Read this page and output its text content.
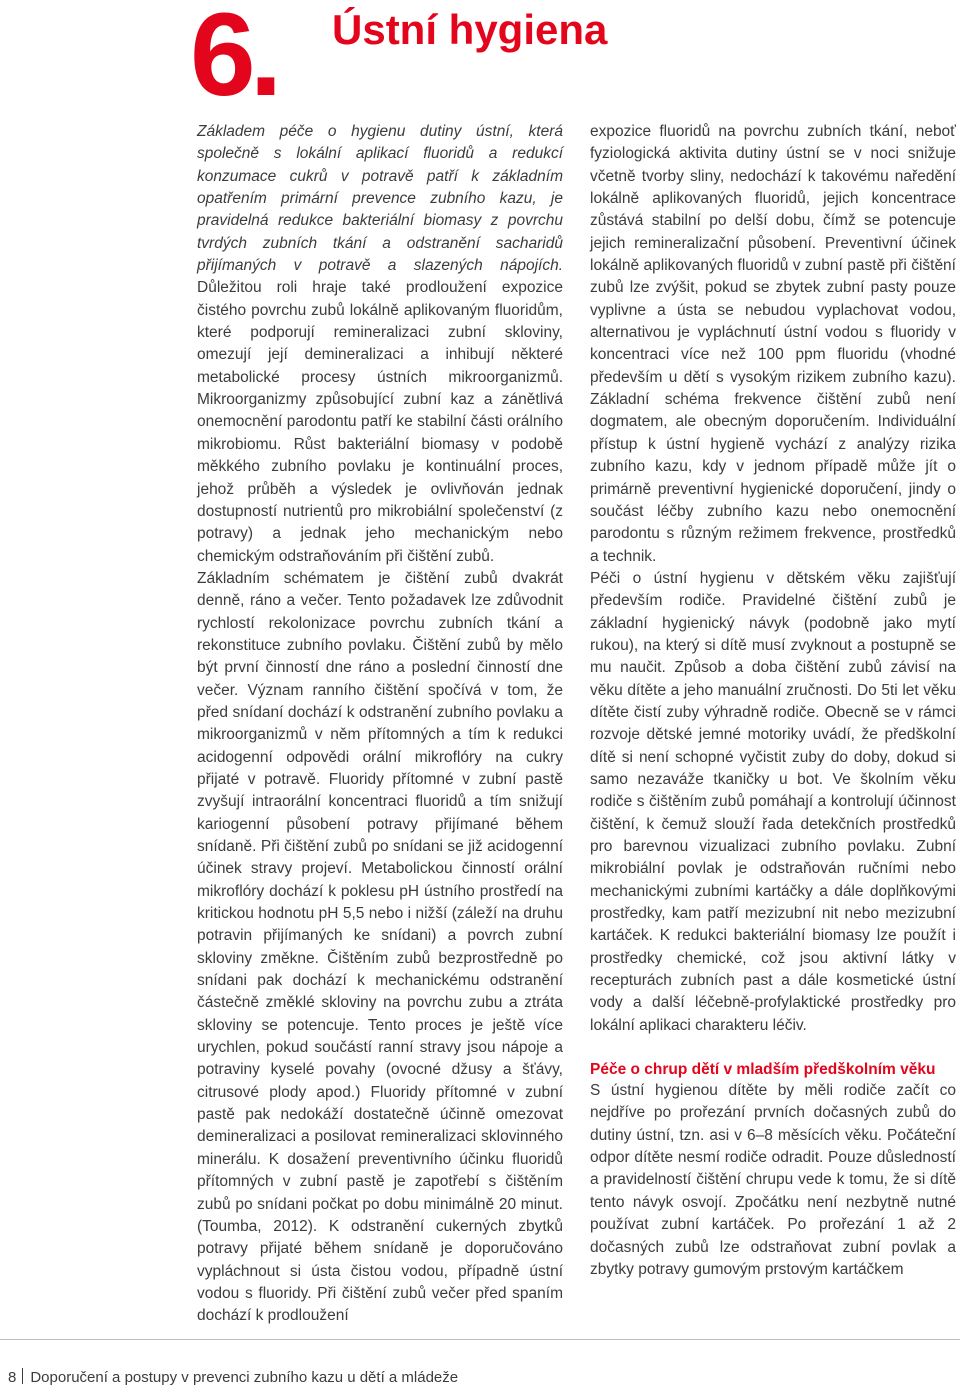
6. Ústní hygiena

Základem péče o hygienu dutiny ústní, která společně s lokální aplikací fluoridů a redukcí konzumace cukrů v potravě patří k základním opatřením primární prevence zubního kazu, je pravidelná redukce bakteriální biomasy z povrchu tvrdých zubních tkání a odstranění sacharidů přijímaných v potravě a slazených nápojích. Důležitou roli hraje také prodloužení expozice čistého povrchu zubů lokálně aplikovaným fluoridům, které podporují remineralizaci zubní skloviny, omezují její demineralizaci a inhibují některé metabolické procesy ústních mikroorganizmů. Mikroorganizmy způsobující zubní kaz a zánětlivá onemocnění parodontu patří ke stabilní části orálního mikrobiomu. Růst bakteriální biomasy v podobě měkkého zubního povlaku je kontinuální proces, jehož průběh a výsledek je ovlivňován jednak dostupností nutrientů pro mikrobiální společenství (z potravy) a jednak jeho mechanickým nebo chemickým odstraňováním při čištění zubů.

Základním schématem je čištění zubů dvakrát denně, ráno a večer. Tento požadavek lze zdůvodnit rychlostí rekolonizace povrchu zubních tkání a rekonstituce zubního povlaku. Čištění zubů by mělo být první činností dne ráno a poslední činností dne večer. Význam ranního čištění spočívá v tom, že před snídaní dochází k odstranění zubního povlaku a mikroorganizmů v něm přítomných a tím k redukci acidogenní odpovědi orální mikroflóry na cukry přijaté v potravě. Fluoridy přítomné v zubní pastě zvyšují intraorální koncentraci fluoridů a tím snižují kariogenní působení potravy přijímané během snídaně. Při čištění zubů po snídani se již acidogenní účinek stravy projeví. Metabolickou činností orální mikroflóry dochází k poklesu pH ústního prostředí na kritickou hodnotu pH 5,5 nebo i nižší (záleží na druhu potravin přijímaných ke snídani) a povrch zubní skloviny změkne. Čištěním zubů bezprostředně po snídani pak dochází k mechanickému odstranění částečně změklé skloviny na povrchu zubu a ztráta skloviny se potencuje. Tento proces je ještě více urychlen, pokud součástí ranní stravy jsou nápoje a potraviny kyselé povahy (ovocné džusy a šťávy, citrusové plody apod.) Fluoridy přítomné v zubní pastě pak nedokáží dostatečně účinně omezovat demineralizaci a posilovat remineralizaci sklovinného minerálu. K dosažení preventivního účinku fluoridů přítomných v zubní pastě je zapotřebí s čištěním zubů po snídani počkat po dobu minimálně 20 minut. (Toumba, 2012). K odstranění cukerných zbytků potravy přijaté během snídaně je doporučováno vypláchnout si ústa čistou vodou, případně ústní vodou s fluoridy. Při čištění zubů večer před spaním dochází k prodloužení

expozice fluoridů na povrchu zubních tkání, neboť fyziologická aktivita dutiny ústní se v noci snižuje včetně tvorby sliny, nedochází k takovému naředění lokálně aplikovaných fluoridů, jejich koncentrace zůstává stabilní po delší dobu, čímž se potencuje jejich remineralizační působení. Preventivní účinek lokálně aplikovaných fluoridů v zubní pastě při čištění zubů lze zvýšit, pokud se zbytek zubní pasty pouze vyplivne a ústa se nebudou vyplachovat vodou, alternativou je vypláchnutí ústní vodou s fluoridy v koncentraci více než 100 ppm fluoridu (vhodné především u dětí s vysokým rizikem zubního kazu). Základní schéma frekvence čištění zubů není dogmatem, ale obecným doporučením. Individuální přístup k ústní hygieně vychází z analýzy rizika zubního kazu, kdy v jednom případě může jít o primárně preventivní hygienické doporučení, jindy o součást léčby zubního kazu nebo onemocnění parodontu s různým režimem frekvence, prostředků a technik.

Péči o ústní hygienu v dětském věku zajišťují především rodiče. Pravidelné čištění zubů je základní hygienický návyk (podobně jako mytí rukou), na který si dítě musí zvyknout a postupně se mu naučit. Způsob a doba čištění zubů závisí na věku dítěte a jeho manuální zručnosti. Do 5ti let věku dítěte čistí zuby výhradně rodiče. Obecně se v rámci rozvoje dětské jemné motoriky uvádí, že předškolní dítě si není schopné vyčistit zuby do doby, dokud si samo nezaváže tkaničky u bot. Ve školním věku rodiče s čištěním zubů pomáhají a kontrolují účinnost čištění, k čemuž slouží řada detekčních prostředků pro barevnou vizualizaci zubního povlaku. Zubní mikrobiální povlak je odstraňován ručními nebo mechanickými zubními kartáčky a dále doplňkovými prostředky, kam patří mezizubní nit nebo mezizubní kartáček. K redukci bakteriální biomasy lze použít i prostředky chemické, což jsou aktivní látky v recepturách zubních past a dále kosmetické ústní vody a další léčebně-profylaktické prostředky pro lokální aplikaci charakteru léčiv.

Péče o chrup dětí v mladším předškolním věku

S ústní hygienou dítěte by měli rodiče začít co nejdříve po prořezání prvních dočasných zubů do dutiny ústní, tzn. asi v 6–8 měsících věku. Počáteční odpor dítěte nesmí rodiče odradit. Pouze důsledností a pravidelností čištění chrupu vede k tomu, že si dítě tento návyk osvojí. Zpočátku není nezbytně nutné používat zubní kartáček. Po prořezání 1 až 2 dočasných zubů lze odstraňovat zubní povlak a zbytky potravy gumovým prstovým kartáčkem

8 Doporučení a postupy v prevenci zubního kazu u dětí a mládeže
